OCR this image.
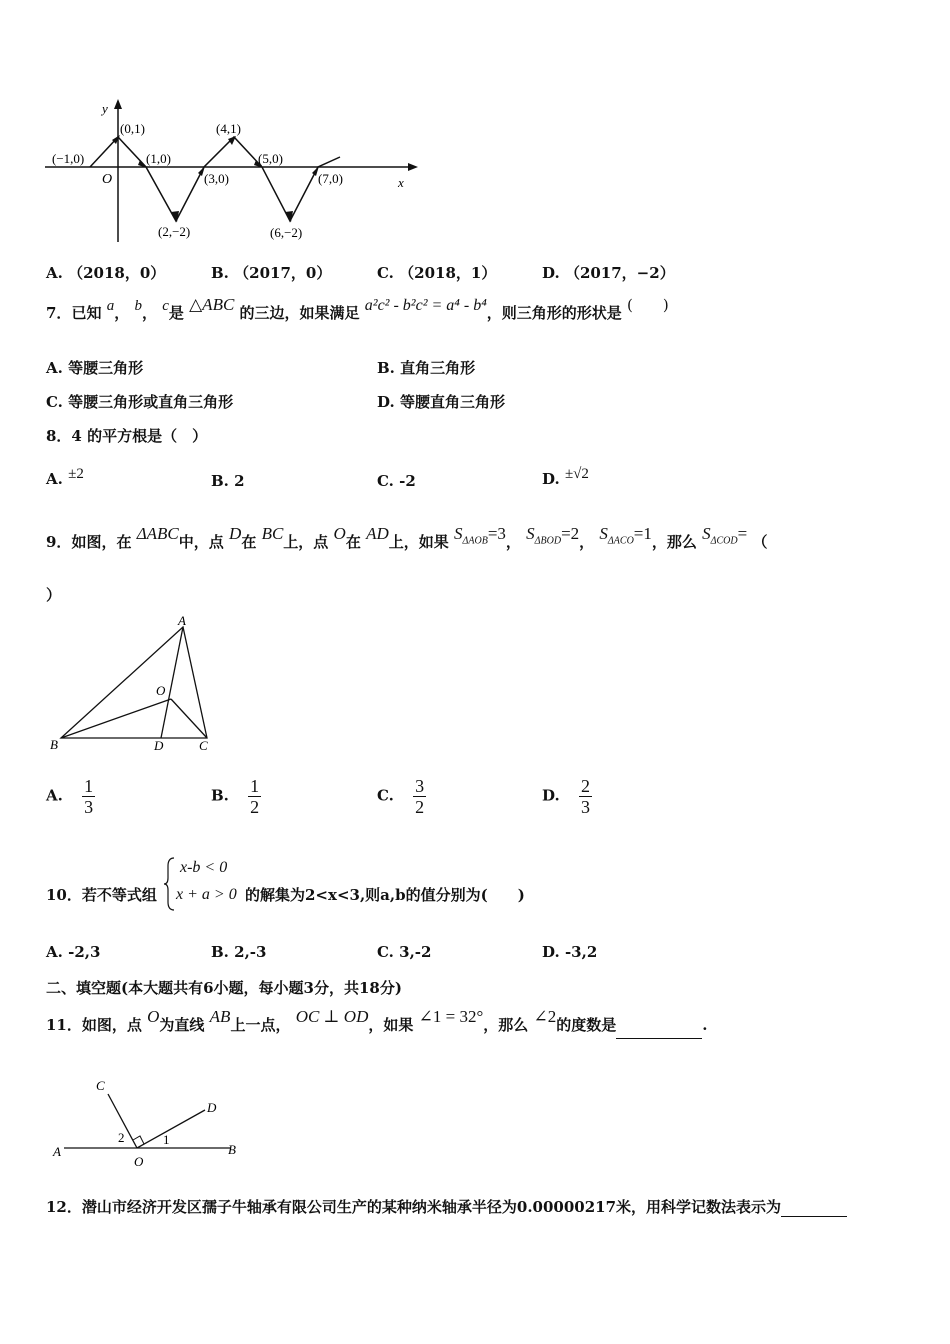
y
x
O
(−1,0)
(0,1)
(1,0)
(2,−2)
(3,0)
(4,1)
(5,0)
(6,−2)
(7,0)
A. （2018，0）	B. （2017，0）	C. （2018，1）	D. （2017，−2）
7．已知 a， b， c是 △ABC 的三边，如果满足 a²c² - b²c² = a⁴ - b⁴，则三角形的形状是 (　　)
A. 等腰三角形	B. 直角三角形
C. 等腰三角形或直角三角形	D. 等腰直角三角形
8．4 的平方根是（　）
A. ±2	B. 2	C. -2	D. ±√2
9．如图，在 ΔABC中，点 D在 BC上，点 O在 AD上，如果 $S_{\Delta AOB}=3$， $S_{\Delta BOD}=2$， $S_{\Delta ACO}=1$，那么 $S_{\Delta COD}=$ （
）
A
B	C
D
O
A. $\frac{1}{3}$	B. $\frac{1}{2}$	C. $\frac{3}{2}$	D. $\frac{2}{3}$
10．若不等式组
x-b < 0
x + a > 0 的解集为2<x<3,则a,b的值分别为(　　)
A. -2,3	B. 2,-3	C. 3,-2	D. -3,2
二、填空题(本大题共有6小题，每小题3分，共18分)
11．如图，点 O为直线 AB上一点， OC ⊥ OD，如果 ∠1 = 32°，那么 ∠2的度数是	.
A	B
C
D
O
1
2
12．潜山市经济开发区孺子牛轴承有限公司生产的某种纳米轴承半径为0.00000217米，用科学记数法表示为
